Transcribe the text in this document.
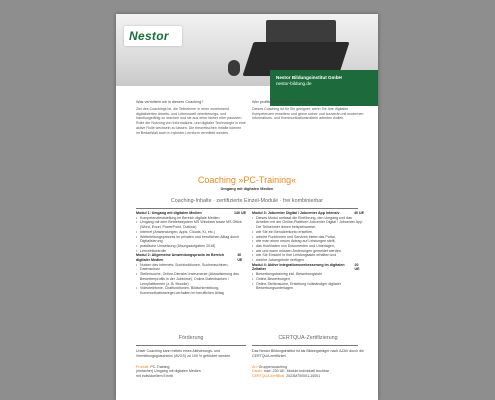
Nestor
Nestor Bildungsinstitut GmbH
nestor-bildung.de
Was vermitteln wir in diesem Coaching?

Ziel des Coachings ist, die Teilnehmer in einer zunehmend digitalisierten Arbeits- und Lebenswelt orientierungs- und handlungsfähig zu machen und sie aus einer bisher eher passiven Rolle der Nutzung von Informations- und digitaler Technologie in eine aktive Rolle wechseln zu lassen. Die theoretischen Inhalte können im Bedarfsfall auch in hybrider Lernform vermittelt werden.

Wer profitiert von diesem Coaching?

Dieses Coaching ist für Sie geeignet, wenn Sie Ihre digitalen Kompetenzen erweitern und gerne sicher und souverän mit modernen Informations- und Kommunikationsmitteln arbeiten wollen.

Coaching »PC-Training«
Umgang mit digitalen Medien
Coaching-Inhalte · zertifizierte Einzel-Module · frei kombinierbar
Modul 1: Umgang mit digitalen Medien	140 UE
• Kompetenzfeststellung im Bereich digitale Medien
• Umgang mit dem Betriebssystem MS Windows sowie MS Office (Word, Excel, PowerPoint, Outlook)
• Internet (Anwendungen, Apps, Clouds, KI, etc.)
• Weiterleitungsprozess im privaten und beruflichen Alltag durch Digitalisierung
• praktische Umsetzung (Übungsaufgaben 2018)
• Lernzielkontrolle
Modul 2: Allgemeine Anwendungspraxis im Bereich digitaler Medien
30 UE
• Nutzen des Internets: Suchfunktionen, Suchmaschinen, Datenschutz
• Stellensuche, Online-Dienste/-Instrumente (Aktualisierung des Bewerberprofils in der Jobbörse), Online-Datenbanken / Lernplattformen (z. B. Moodle)
• Videotelefonie, Chatfunktionen, Bildschirmteilung, Kommunikationsregel-verhalten im beruflichen Alltag
Modul 3: Jobcenter Digital / Jobcenter App intensiv	40 UE
• Dieses Modul umfasst die Einführung, den Umgang und das Arbeiten mit der Online-Plattform Jobcenter Digital / Jobcenter App. Die Teilnehmer lernen beispielsweise,
• wie Sie ein Benutzerkonto erstellen,
• welche Funktionen und Services bietet das Portal,
• wie man einen neuen Antrag auf Leistungen stellt,
• das Hochladen von Dokumenten und Unterlagen,
• wie und wann müssen Änderungen gemeldet werden,
• wie Sie Einsicht in Ihre Leistungsakte erhalten und
• welche Jobangebote verfügen.
Modul 4: Aktive Integrationsverbesserung im digitalen Zeitalter
20 UE
• Bewerbungstraining inkl. Bewerbungsfoto
• Online-Bewerbungen
• Online-Stellensuche, Erstellung vollständiger digitaler Bewerbungsunterlagen
Förderung	CERTQUA-Zertifizierung

Unser Coaching kann mittels eines Aktivierungs- und Vermittlungsgutscheins (AVGS) zu 100 % gefördert werden.

Produkt: PC-Training,

(einfacher) Umgang mit digitalen Medien

mit individuellem Einritt

Das Nestor Bildungsinstitut ist als Bildungsträger nach AZAV durch die CERTQUA zertifiziert.

Art: Gruppencoaching

Dauer: max. 230 UE, Module individuell buchbar

CERTQUA Zertifikat: 2023M700001-10001
